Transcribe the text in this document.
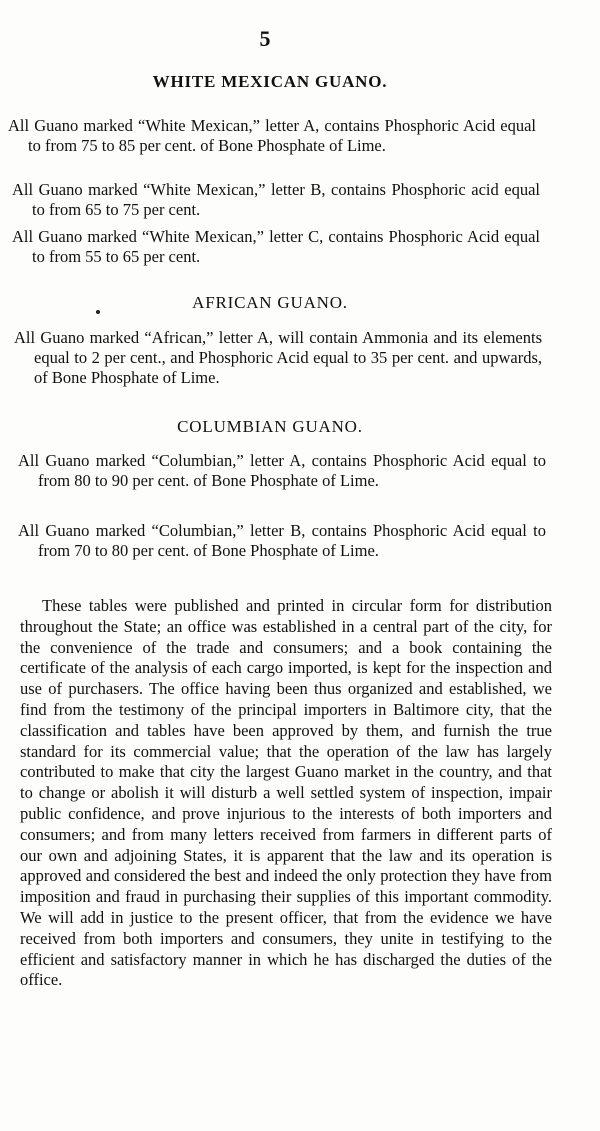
5
WHITE MEXICAN GUANO.
All Guano marked “White Mexican,” letter A, contains Phosphoric Acid equal to from 75 to 85 per cent. of Bone Phosphate of Lime.
All Guano marked “White Mexican,” letter B, contains Phosphoric acid equal to from 65 to 75 per cent.
All Guano marked “White Mexican,” letter C, contains Phosphoric Acid equal to from 55 to 65 per cent.
AFRICAN GUANO.
All Guano marked “African,” letter A, will contain Ammonia and its elements equal to 2 per cent., and Phosphoric Acid equal to 35 per cent. and upwards, of Bone Phosphate of Lime.
COLUMBIAN GUANO.
All Guano marked “Columbian,” letter A, contains Phosphoric Acid equal to from 80 to 90 per cent. of Bone Phosphate of Lime.
All Guano marked “Columbian,” letter B, contains Phosphoric Acid equal to from 70 to 80 per cent. of Bone Phosphate of Lime.
These tables were published and printed in circular form for distribution throughout the State; an office was established in a central part of the city, for the convenience of the trade and consumers; and a book containing the certificate of the analysis of each cargo imported, is kept for the inspection and use of purchasers. The office having been thus organized and established, we find from the testimony of the principal importers in Baltimore city, that the classification and tables have been approved by them, and furnish the true standard for its commercial value; that the operation of the law has largely contributed to make that city the largest Guano market in the country, and that to change or abolish it will disturb a well settled system of inspection, impair public confidence, and prove injurious to the interests of both importers and consumers; and from many letters received from farmers in different parts of our own and adjoining States, it is apparent that the law and its operation is approved and considered the best and indeed the only protection they have from imposition and fraud in purchasing their supplies of this important commodity. We will add in justice to the present officer, that from the evidence we have received from both importers and consumers, they unite in testifying to the efficient and satisfactory manner in which he has discharged the duties of the office.
